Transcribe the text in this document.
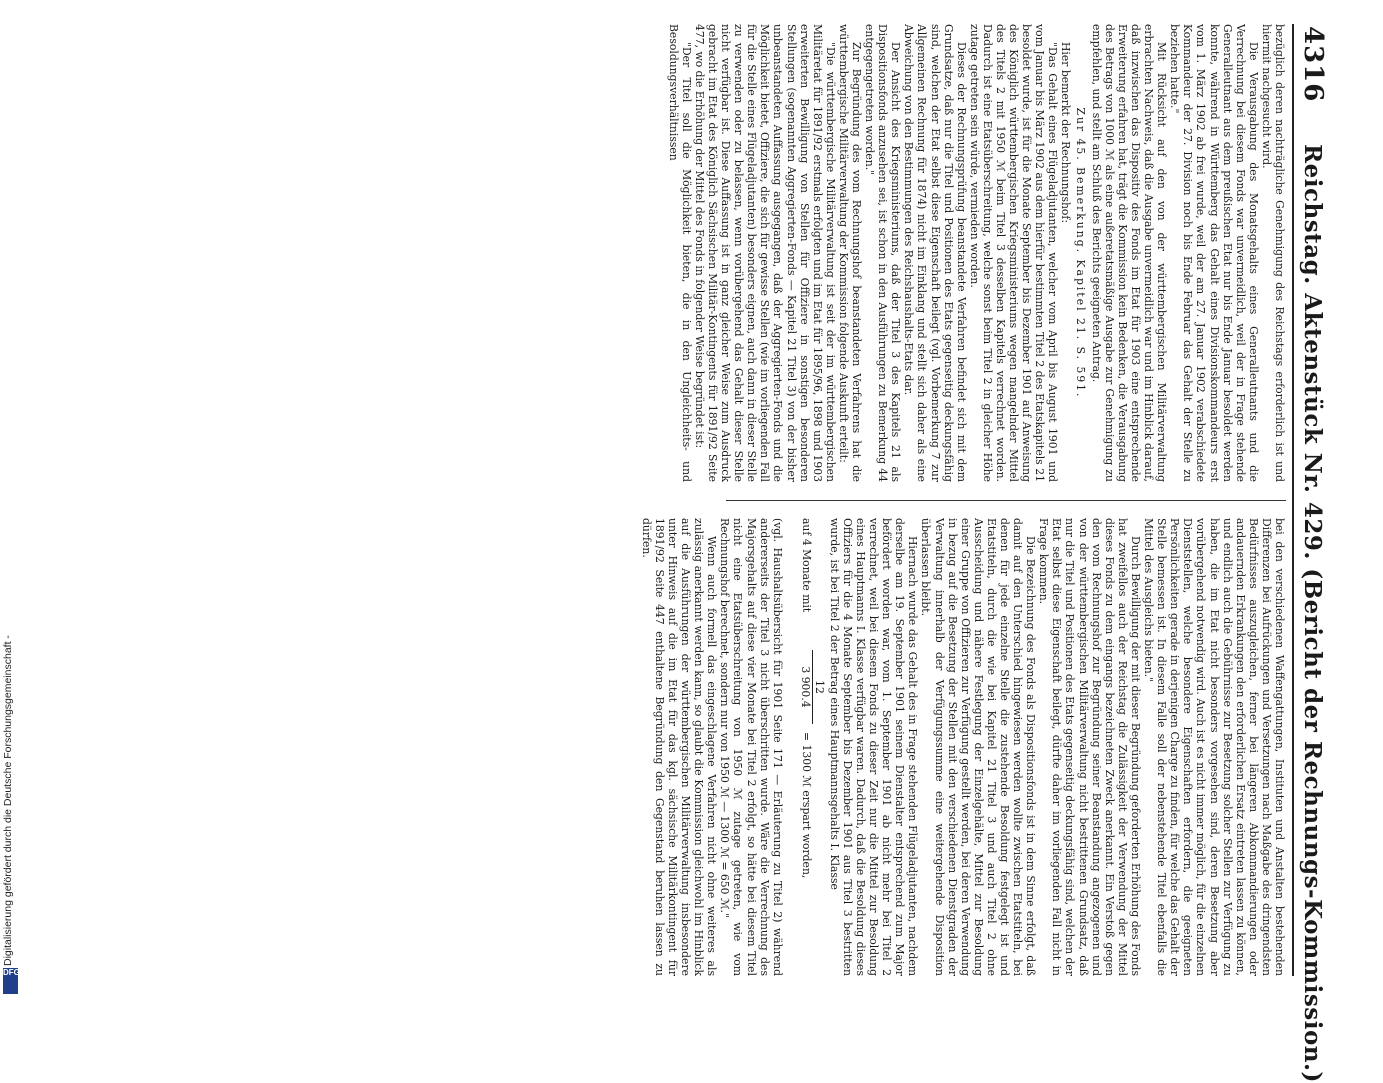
Digitalisierung gefördert durch die Deutsche Forschungsgemeinschaft -
DFG
4316
Reichstag. Aktenstück Nr. 429. (Bericht der Rechnungs-Kommission.)

bezüglich deren nachträgliche Genehmigung des Reichstags erforderlich ist und hiermit nachgesucht wird.

Die Verausgabung des Monatsgehalts eines Generalleutnants und die Verrechnung bei diesem Fonds war unvermeidlich, weil der in Frage stehende Generalleutnant aus dem preußischen Etat nur bis Ende Januar besoldet werden konnte, während in Württemberg das Gehalt eines Divisionskommandeurs erst vom 1. März 1902 ab frei wurde, weil der am 27. Januar 1902 verabschiedete Kommandeur der 27. Division noch bis Ende Februar das Gehalt der Stelle zu beziehen hatte."

Mit Rücksicht auf den von der württembergischen Militärverwaltung erbrachten Nachweis, daß die Ausgabe unvermeidlich war und im Hinblick darauf, daß inzwischen das Dispositiv des Fonds im Etat für 1903 eine entsprechende Erweiterung erfahren hat, trägt die Kommission kein Bedenken, die Verausgabung des Betrags von 1000 ℳ als eine außeretatsmäßige Ausgabe zur Genehmigung zu empfehlen, und stellt am Schluß des Berichts geeigneten Antrag.

Zur 45. Bemerkung. Kapitel 21. S. 591.

Hier bemerkt der Rechnungshof:

"Das Gehalt eines Flügeladjutanten, welcher vom April bis August 1901 und vom Januar bis März 1902 aus dem hierfür bestimmten Titel 2 des Etatskapitels 21 besoldet wurde, ist für die Monate September bis Dezember 1901 auf Anweisung des Königlich württembergischen Kriegsministeriums wegen mangelnder Mittel des Titels 2 mit 1950 ℳ beim Titel 3 desselben Kapitels verrechnet worden. Dadurch ist eine Etatsüberschreitung, welche sonst beim Titel 2 in gleicher Höhe zutage getreten sein würde, vermieden worden.

Dieses der Rechnungsprüfung beanstandete Verfahren befindet sich mit dem Grundsatze, daß nur die Titel und Positionen des Etats gegenseitig deckungsfähig sind, welchen der Etat selbst diese Eigenschaft beilegt (vgl. Vorbemerkung 7 zur Allgemeinen Rechnung für 1874) nicht im Einklang und stellt sich daher als eine Abweichung von den Bestimmungen des Reichshaushalts-Etats dar.

Der Ansicht des Kriegsministeriums, daß der Titel 3 des Kapitels 21 als Dispositionsfonds anzusehen sei, ist schon in den Ausführungen zu Bemerkung 44 entgegengetreten worden."

Zur Begründung des vom Rechnungshof beanstandeten Verfahrens hat die württembergische Militärverwaltung der Kommission folgende Auskunft erteilt:

"Die württembergische Militärverwaltung ist seit der im württembergischen Militäretat für 1891/92 erstmals erfolgten und im Etat für 1895/96, 1898 und 1903 erweiterten Bewilligung von Stellen für Offiziere in sonstigen besonderen Stellungen (sogenannten Aggregierten-Fonds — Kapitel 21 Titel 3) von der bisher unbeanstandeten Auffassung ausgegangen, daß der Aggregierten-Fonds und die Möglichkeit bietet, Offiziere, die sich für gewisse Stellen (wie im vorliegenden Fall für die Stelle eines Flügeladjutanten) besonders eignen, auch dann in dieser Stelle zu verwenden oder zu belassen, wenn vorübergehend das Gehalt dieser Stelle nicht verfügbar ist. Diese Auffassung ist in ganz gleicher Weise zum Ausdruck gebracht im Etat des Königlich Sächsischen Militär-Kontingents für 1891/92 Seite 477, wo die Erhöhung der Mittel des Fonds in folgender Weise begründet ist:

"Der Titel soll die Möglichkeit bieten, die in den Ungleichheits- und Besoldungsverhältnissen

bei den verschiedenen Waffengattungen, Instituten und Anstalten bestehenden Differenzen bei Aufrückungen und Versetzungen nach Maßgabe des dringendsten Bedürfnisses auszugleichen, ferner bei längeren Abkommandierungen oder andauernden Erkrankungen den erforderlichen Ersatz eintreten lassen zu können, und endlich auch die Gebührnisse zur Besetzung solcher Stellen zur Verfügung zu haben, die im Etat nicht besonders vorgesehen sind, deren Besetzung aber vorübergehend notwendig wird. Auch ist es nicht immer möglich, für die einzelnen Dienststellen, welche besondere Eigenschaften erfordern, die geeigneten Persönlichkeiten gerade in derjenigen Charge zu finden, für welche das Gehalt der Stelle bemessen ist. In diesem Falle soll der nebenstehende Titel ebenfalls die Mittel des Ausgleichs bieten."

Durch Bewilligung der mit dieser Begründung geforderten Erhöhung des Fonds hat zweifellos auch der Reichstag die Zulässigkeit der Verwendung der Mittel dieses Fonds zu dem eingangs bezeichneten Zweck anerkannt. Ein Verstoß gegen den vom Rechnungshof zur Begründung seiner Beanstandung angezogenen und von der württembergischen Militärverwaltung nicht bestrittenen Grundsatz, daß nur die Titel und Positionen des Etats gegenseitig deckungsfähig sind, welchen der Etat selbst diese Eigenschaft beilegt, dürfte daher im vorliegenden Fall nicht in Frage kommen.

Die Bezeichnung des Fonds als Dispositionsfonds ist in dem Sinne erfolgt, daß damit auf den Unterschied hingewiesen werden wollte zwischen Etatstiteln, bei denen für jede einzelne Stelle die zustehende Besoldung festgelegt ist und Etatstiteln, durch die wie bei Kapitel 21 Titel 3 und auch Titel 2 ohne Ausscheidung und nähere Festlegung der Einzelgehälte, Mittel zur Besoldung einer Gruppe von Offizieren zur Verfügung gestellt werden, bei deren Verwendung in bezug auf die Besetzung der Stellen mit den verschiedenen Dienstgraden der Verwaltung innerhalb der Verfügungssumme eine weitergehende Disposition überlassen bleibt.

Hiernach wurde das Gehalt des in Frage stehenden Flügeladjutanten, nachdem derselbe am 19. September 1901 seinem Dienstalter entsprechend zum Major befördert worden war, vom 1. September 1901 ab nicht mehr bei Titel 2 verrechnet, weil bei diesem Fonds zu dieser Zeit nur die Mittel zur Besoldung eines Hauptmanns I. Klasse verfügbar waren. Dadurch, daß die Besoldung dieses Offiziers für die 4 Monate September bis Dezember 1901 aus Titel 3 bestritten wurde, ist bei Titel 2 der Betrag eines Hauptmannsgehalts I. Klasse

auf 4 Monate mit
12
3 900.4
= 1300 ℳ erspart worden,

(vgl. Haushaltsübersicht für 1901 Seite 171 — Erläuterung zu Titel 2) während andererseits der Titel 3 nicht überschritten wurde. Wäre die Verrechnung des Majorsgehalts auf diese vier Monate bei Titel 2 erfolgt, so hätte bei diesem Titel nicht eine Etatsüberschreitung von 1950 ℳ zutage getreten, wie vom Rechnungshof berechnet, sondern nur von 1950 ℳ — 1300 ℳ = 650 ℳ."

Wenn auch formell das eingeschlagene Verfahren nicht ohne weiteres als zulässig anerkannt werden kann, so glaubt die Kommission gleichwohl im Hinblick auf die Ausführungen der württembergischen Militärverwaltung insbesondere unter Hinweis auf die im Etat für das kgl. sächsische Militärkontingent für 1891/92 Seite 447 enthaltene Begründung den Gegenstand beruhen lassen zu dürfen.
